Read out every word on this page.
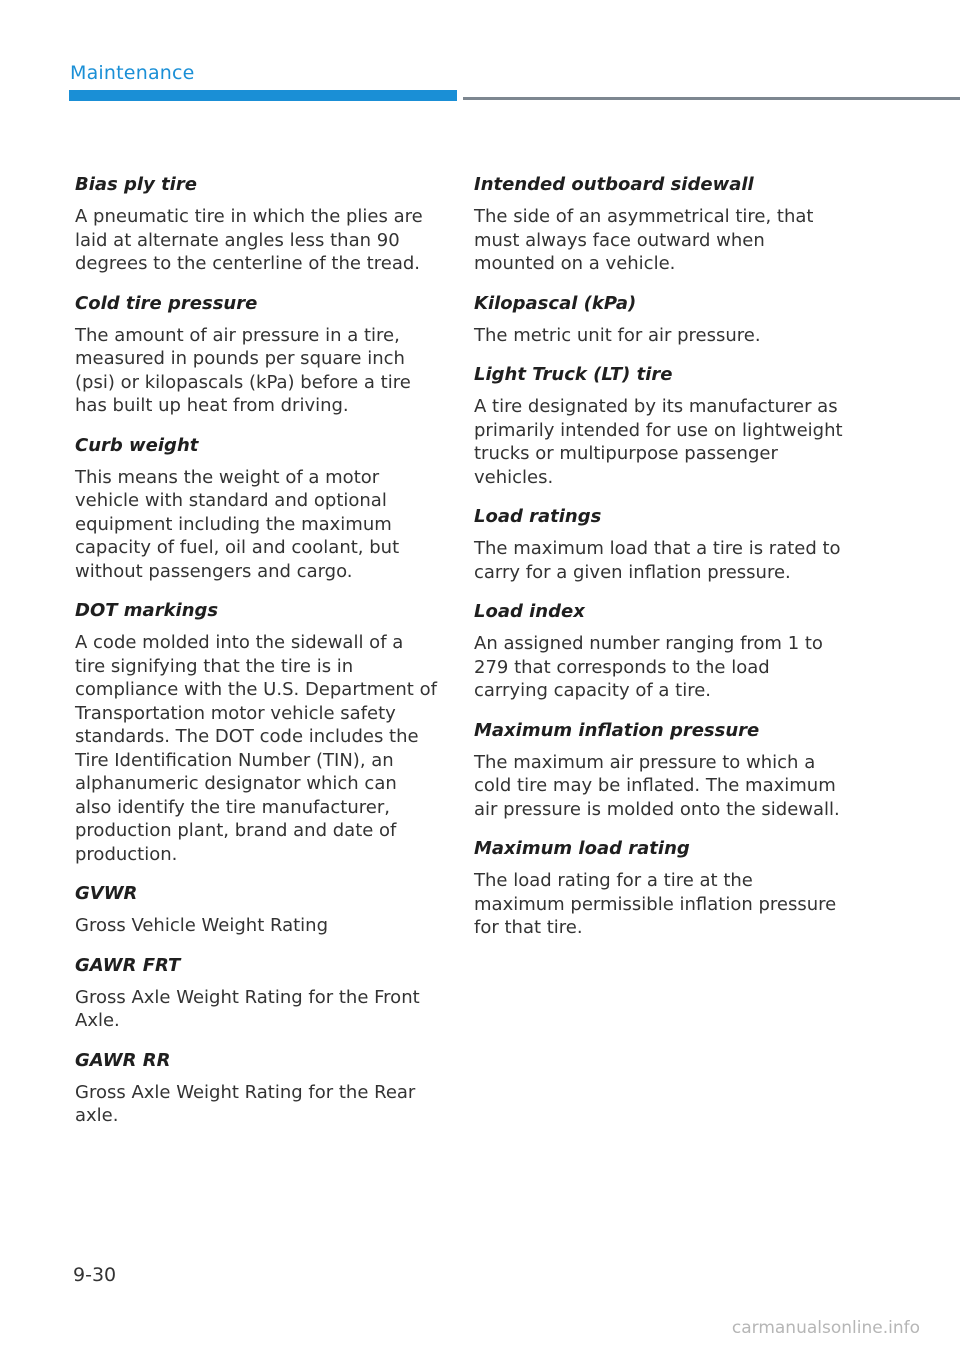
Maintenance
Bias ply tire
A pneumatic tire in which the plies are laid at alternate angles less than 90 degrees to the centerline of the tread.
Cold tire pressure
The amount of air pressure in a tire, measured in pounds per square inch (psi) or kilopascals (kPa) before a tire has built up heat from driving.
Curb weight
This means the weight of a motor vehicle with standard and optional equipment including the maximum capacity of fuel, oil and coolant, but without passengers and cargo.
DOT markings
A code molded into the sidewall of a tire signifying that the tire is in compliance with the U.S. Department of Transportation motor vehicle safety standards. The DOT code includes the Tire Identification Number (TIN), an alphanumeric designator which can also identify the tire manufacturer, production plant, brand and date of production.
GVWR
Gross Vehicle Weight Rating
GAWR FRT
Gross Axle Weight Rating for the Front Axle.
GAWR RR
Gross Axle Weight Rating for the Rear axle.
Intended outboard sidewall
The side of an asymmetrical tire, that must always face outward when mounted on a vehicle.
Kilopascal (kPa)
The metric unit for air pressure.
Light Truck (LT) tire
A tire designated by its manufacturer as primarily intended for use on lightweight trucks or multipurpose passenger vehicles.
Load ratings
The maximum load that a tire is rated to carry for a given inflation pressure.
Load index
An assigned number ranging from 1 to 279 that corresponds to the load carrying capacity of a tire.
Maximum inflation pressure
The maximum air pressure to which a cold tire may be inflated. The maximum air pressure is molded onto the sidewall.
Maximum load rating
The load rating for a tire at the maximum permissible inflation pressure for that tire.
9-30
carmanualsonline.info
